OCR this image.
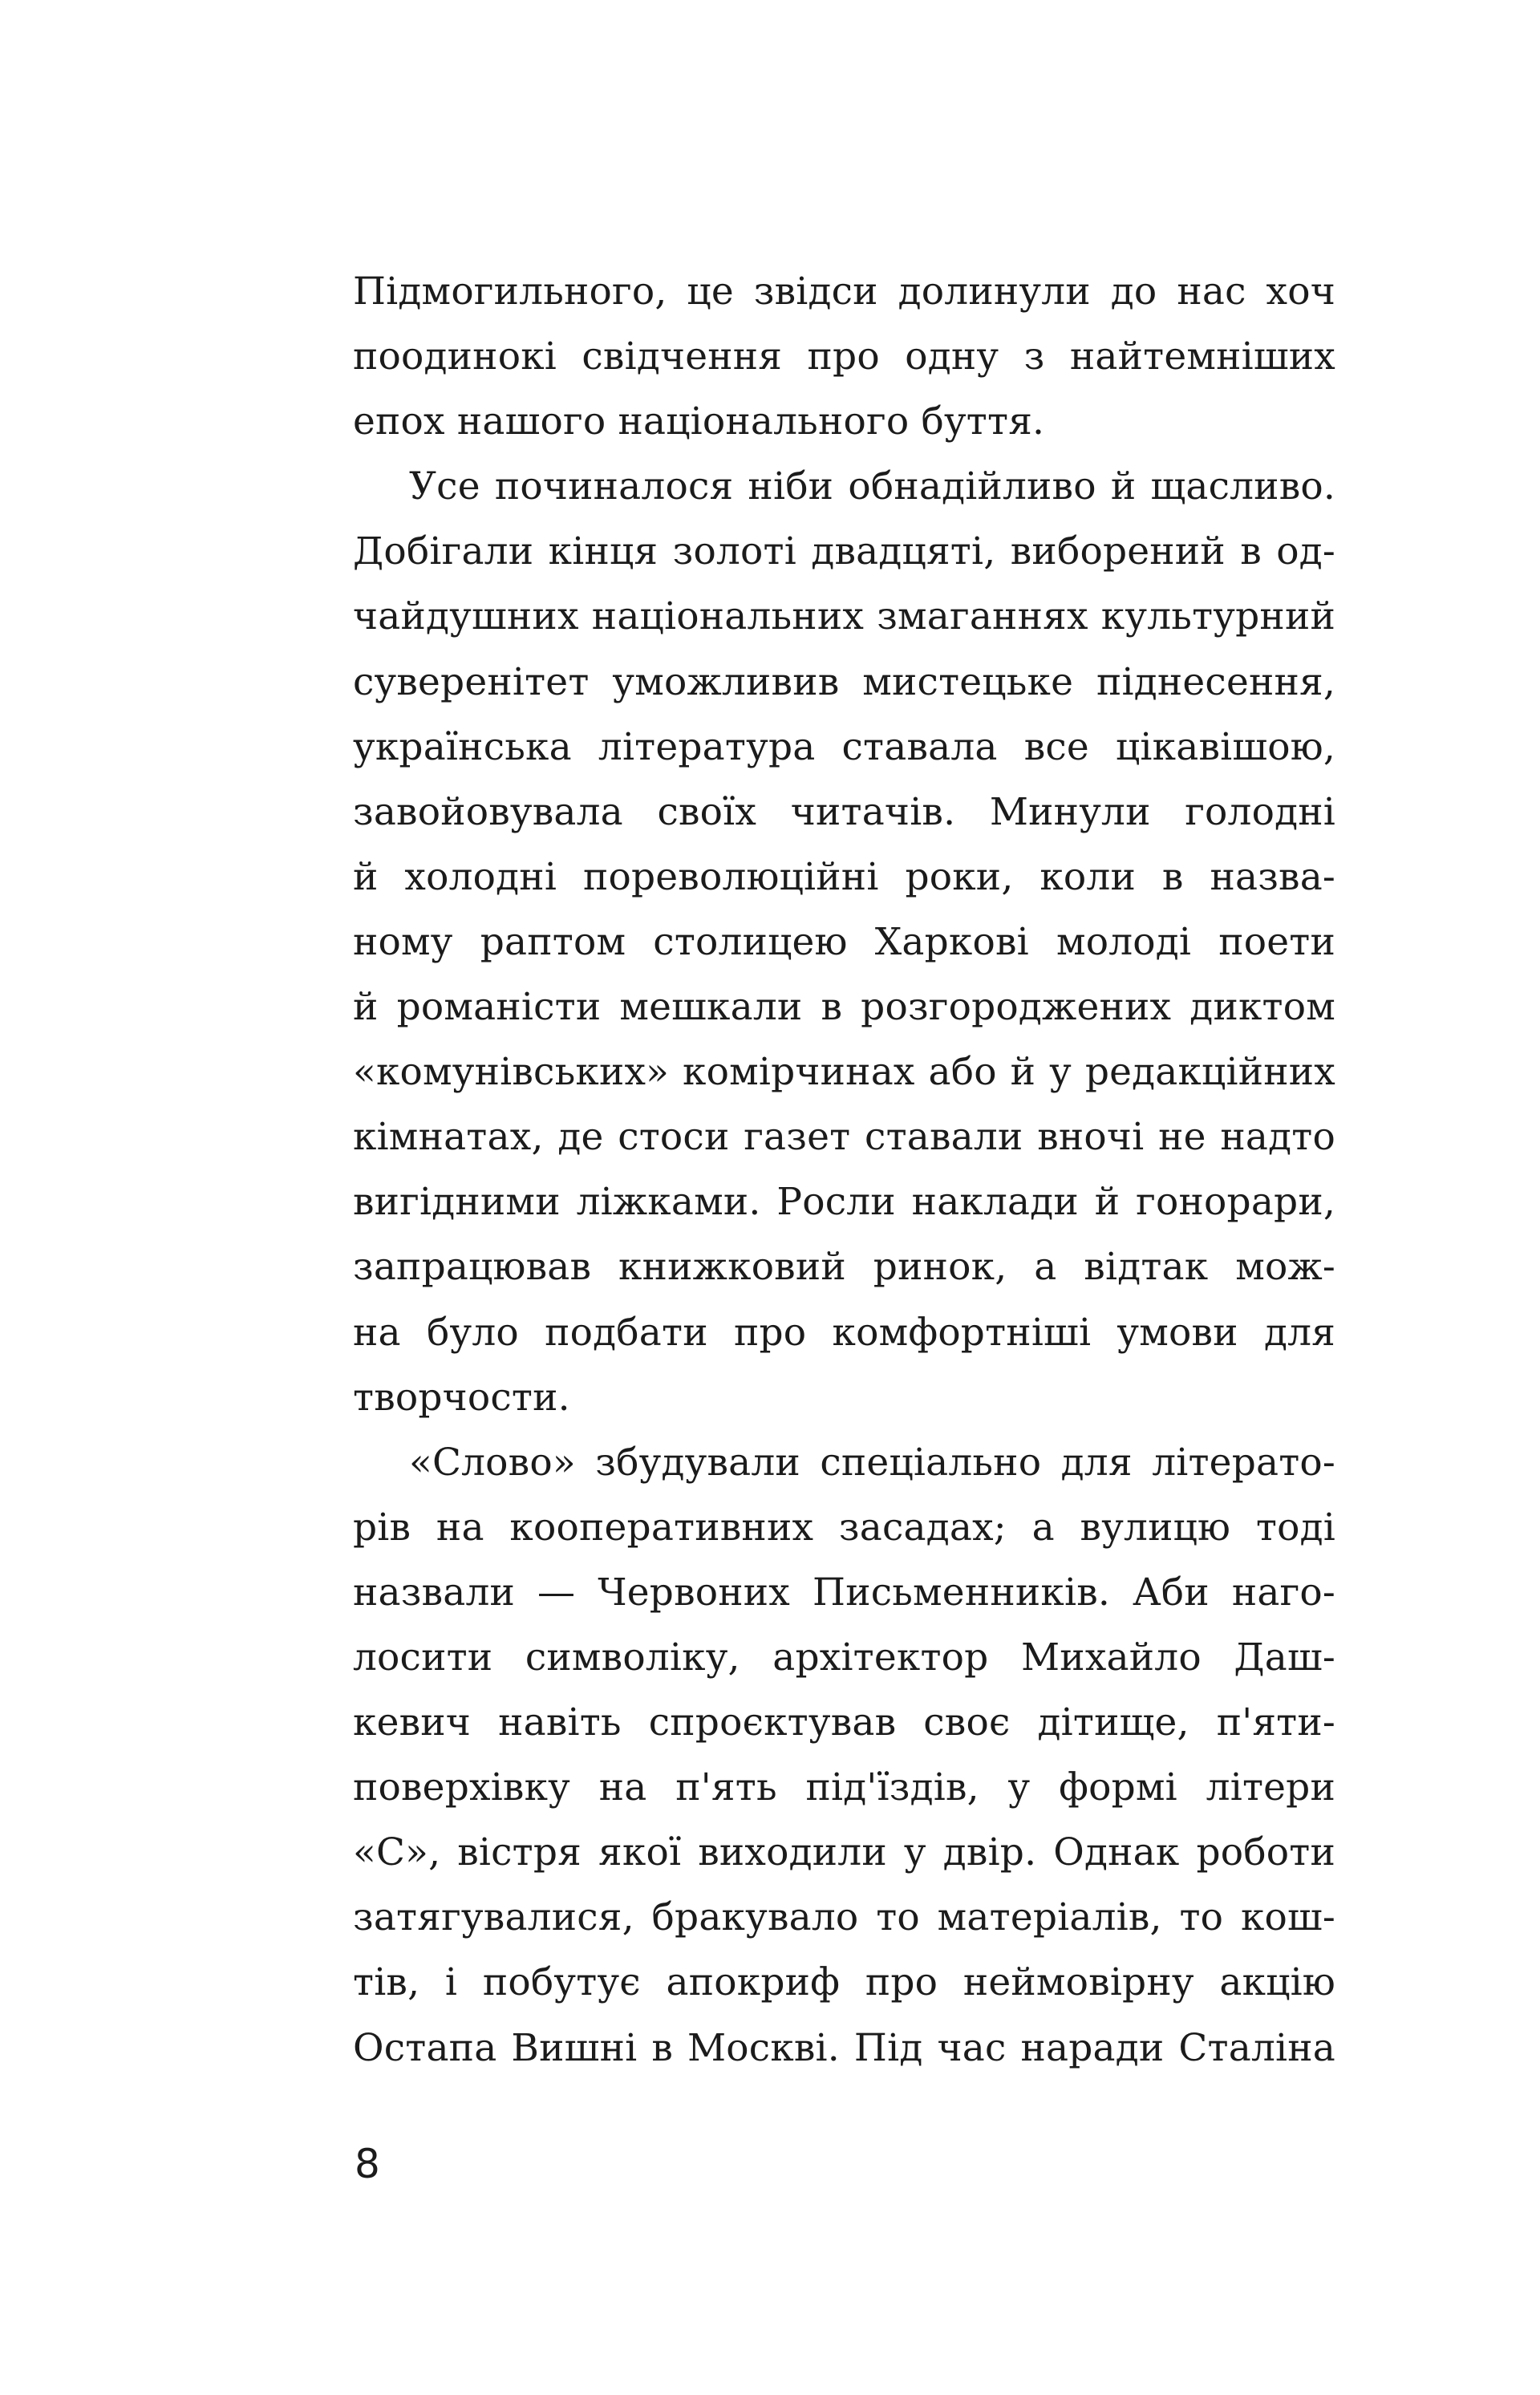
Підмогильного, це звідси долинули до нас хоч
поодинокі свідчення про одну з найтемніших
епох нашого національного буття.
Усе починалося ніби обнадійливо й щасливо.
Добігали кінця золоті двадцяті, виборений в од-
чайдушних національних змаганнях культурний
суверенітет уможливив мистецьке піднесення,
українська література ставала все цікавішою,
завойовувала своїх читачів. Минули голодні
й холодні пореволюційні роки, коли в назва-
ному раптом столицею Харкові молоді поети
й романісти мешкали в розгороджених диктом
«комунівських» комірчинах або й у редакційних
кімнатах, де стоси газет ставали вночі не надто
вигідними ліжками. Росли наклади й гонорари,
запрацював книжковий ринок, а відтак мож-
на було подбати про комфортніші умови для
творчости.
«Слово» збудували спеціально для літерато-
рів на кооперативних засадах; а вулицю тоді
назвали — Червоних Письменників. Аби наго-
лосити символіку, архітектор Михайло Даш-
кевич навіть спроєктував своє дітище, п'яти-
поверхівку на п'ять під'їздів, у формі літери
«С», вістря якої виходили у двір. Однак роботи
затягувалися, бракувало то матеріалів, то кош-
тів, і побутує апокриф про неймовірну акцію
Остапа Вишні в Москві. Під час наради Сталіна
8
